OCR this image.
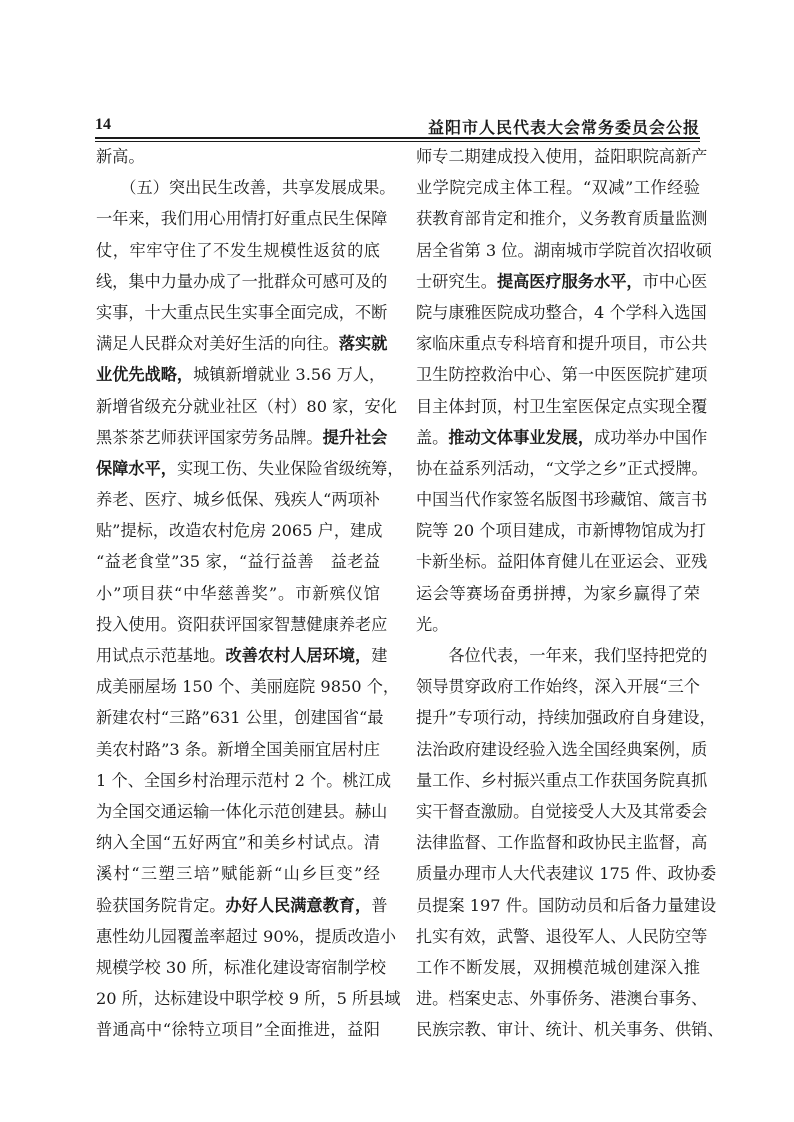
14	益阳市人民代表大会常务委员会公报
新高。
　　（五）突出民生改善，共享发展成果。
一年来，我们用心用情打好重点民生保障
仗，牢牢守住了不发生规模性返贫的底
线，集中力量办成了一批群众可感可及的
实事，十大重点民生实事全面完成，不断
满足人民群众对美好生活的向往。落实就
业优先战略，城镇新增就业 3.56 万人，
新增省级充分就业社区（村）80 家，安化
黑茶茶艺师获评国家劳务品牌。提升社会
保障水平，实现工伤、失业保险省级统筹，
养老、医疗、城乡低保、残疾人“两项补
贴”提标，改造农村危房 2065 户，建成
“益老食堂”35 家，“益行益善　益老益
小”项目获“中华慈善奖”。市新殡仪馆
投入使用。资阳获评国家智慧健康养老应
用试点示范基地。改善农村人居环境，建
成美丽屋场 150 个、美丽庭院 9850 个，
新建农村“三路”631 公里，创建国省“最
美农村路”3 条。新增全国美丽宜居村庄
1 个、全国乡村治理示范村 2 个。桃江成
为全国交通运输一体化示范创建县。赫山
纳入全国“五好两宜”和美乡村试点。清
溪村“三塑三培”赋能新“山乡巨变”经
验获国务院肯定。办好人民满意教育，普
惠性幼儿园覆盖率超过 90%，提质改造小
规模学校 30 所，标准化建设寄宿制学校
20 所，达标建设中职学校 9 所，5 所县域
普通高中“徐特立项目”全面推进，益阳
师专二期建成投入使用，益阳职院高新产
业学院完成主体工程。“双减”工作经验
获教育部肯定和推介，义务教育质量监测
居全省第 3 位。湖南城市学院首次招收硕
士研究生。提高医疗服务水平，市中心医
院与康雅医院成功整合，4 个学科入选国
家临床重点专科培育和提升项目，市公共
卫生防控救治中心、第一中医医院扩建项
目主体封顶，村卫生室医保定点实现全覆
盖。推动文体事业发展，成功举办中国作
协在益系列活动，“文学之乡”正式授牌。
中国当代作家签名版图书珍藏馆、箴言书
院等 20 个项目建成，市新博物馆成为打
卡新坐标。益阳体育健儿在亚运会、亚残
运会等赛场奋勇拼搏，为家乡赢得了荣
光。
　　各位代表，一年来，我们坚持把党的
领导贯穿政府工作始终，深入开展“三个
提升”专项行动，持续加强政府自身建设，
法治政府建设经验入选全国经典案例，质
量工作、乡村振兴重点工作获国务院真抓
实干督查激励。自觉接受人大及其常委会
法律监督、工作监督和政协民主监督，高
质量办理市人大代表建议 175 件、政协委
员提案 197 件。国防动员和后备力量建设
扎实有效，武警、退役军人、人民防空等
工作不断发展，双拥模范城创建深入推
进。档案史志、外事侨务、港澳台事务、
民族宗教、审计、统计、机关事务、供销、
